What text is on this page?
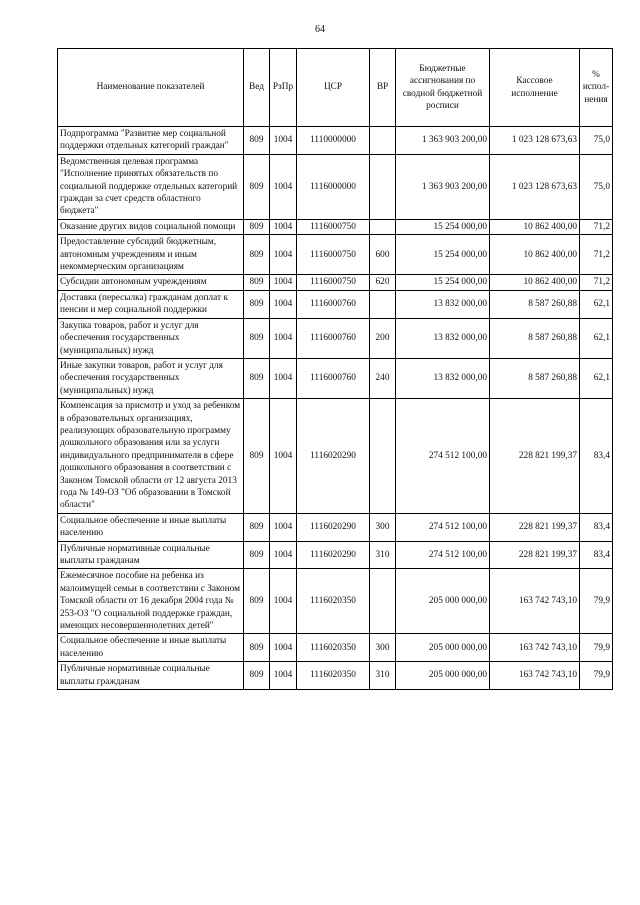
64
Наименование показателей	Вед	РзПр	ЦСР	ВР	Бюджетные ассигнования по сводной бюджетной росписи	Кассовое исполнение	% испол-нения
Подпрограмма "Развитие мер социальной поддержки отдельных категорий граждан"	809	1004	1110000000		1 363 903 200,00	1 023 128 673,63	75,0
Ведомственная целевая программа "Исполнение принятых обязательств по социальной поддержке отдельных категорий граждан за счет средств областного бюджета"	809	1004	1116000000		1 363 903 200,00	1 023 128 673,63	75,0
Оказание других видов социальной помощи	809	1004	1116000750		15 254 000,00	10 862 400,00	71,2
Предоставление субсидий бюджетным, автономным учреждениям и иным некоммерческим организациям	809	1004	1116000750	600	15 254 000,00	10 862 400,00	71,2
Субсидии автономным учреждениям	809	1004	1116000750	620	15 254 000,00	10 862 400,00	71,2
Доставка (пересылка) гражданам доплат к пенсии и мер социальной поддержки	809	1004	1116000760		13 832 000,00	8 587 260,88	62,1
Закупка товаров, работ и услуг для обеспечения государственных (муниципальных) нужд	809	1004	1116000760	200	13 832 000,00	8 587 260,88	62,1
Иные закупки товаров, работ и услуг для обеспечения государственных (муниципальных) нужд	809	1004	1116000760	240	13 832 000,00	8 587 260,88	62,1
Компенсация за присмотр и уход за ребенком в образовательных организациях, реализующих образовательную программу дошкольного образования или за услуги индивидуального предпринимателя в сфере дошкольного образования в соответствии с Законом Томской области от 12 августа 2013 года № 149-ОЗ "Об образовании в Томской области"	809	1004	1116020290		274 512 100,00	228 821 199,37	83,4
Социальное обеспечение и иные выплаты населению	809	1004	1116020290	300	274 512 100,00	228 821 199,37	83,4
Публичные нормативные социальные выплаты гражданам	809	1004	1116020290	310	274 512 100,00	228 821 199,37	83,4
Ежемесячное пособие на ребенка из малоимущей семьи в соответствии с Законом Томской области от 16 декабря 2004 года № 253-ОЗ "О социальной поддержке граждан, имеющих несовершеннолетних детей"	809	1004	1116020350		205 000 000,00	163 742 743,10	79,9
Социальное обеспечение и иные выплаты населению	809	1004	1116020350	300	205 000 000,00	163 742 743,10	79,9
Публичные нормативные социальные выплаты гражданам	809	1004	1116020350	310	205 000 000,00	163 742 743,10	79,9
